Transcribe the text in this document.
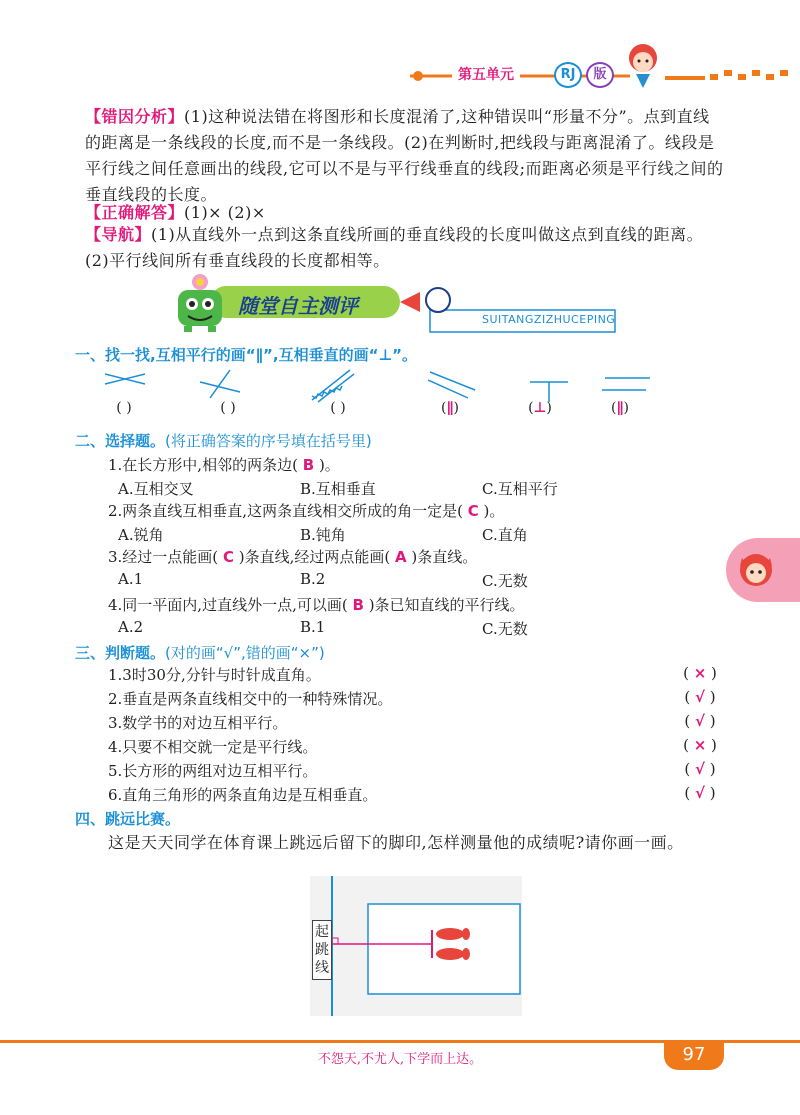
第五单元	RJ	版
【错因分析】(1)这种说法错在将图形和长度混淆了,这种错误叫“形量不分”。点到直线的距离是一条线段的长度,而不是一条线段。(2)在判断时,把线段与距离混淆了。线段是平行线之间任意画出的线段,它可以不是与平行线垂直的线段;而距离必须是平行线之间的垂直线段的长度。
【正确解答】(1)× (2)×
【导航】(1)从直线外一点到这条直线所画的垂直线段的长度叫做这点到直线的距离。(2)平行线间所有垂直线段的长度都相等。
随堂自主测评
SUITANGZIZHUCEPING
一、找一找,互相平行的画“∥”,互相垂直的画“⊥”。
( )	( )	( )	(∥)	(⊥)	(∥)
二、选择题。(将正确答案的序号填在括号里)
1.在长方形中,相邻的两条边( B )。
A.互相交叉	B.互相垂直	C.互相平行
2.两条直线互相垂直,这两条直线相交所成的角一定是( C )。
A.锐角	B.钝角	C.直角
3.经过一点能画( C )条直线,经过两点能画( A )条直线。
A.1	B.2	C.无数
4.同一平面内,过直线外一点,可以画( B )条已知直线的平行线。
A.2	B.1	C.无数
三、判断题。(对的画“√”,错的画“×”)
1.3时30分,分针与时针成直角。	( × )
2.垂直是两条直线相交中的一种特殊情况。	( √ )
3.数学书的对边互相平行。	( √ )
4.只要不相交就一定是平行线。	( × )
5.长方形的两组对边互相平行。	( √ )
6.直角三角形的两条直角边是互相垂直。	( √ )
四、跳远比赛。
这是天天同学在体育课上跳远后留下的脚印,怎样测量他的成绩呢?请你画一画。
起跳线
不怨天,不尤人,下学而上达。	97
